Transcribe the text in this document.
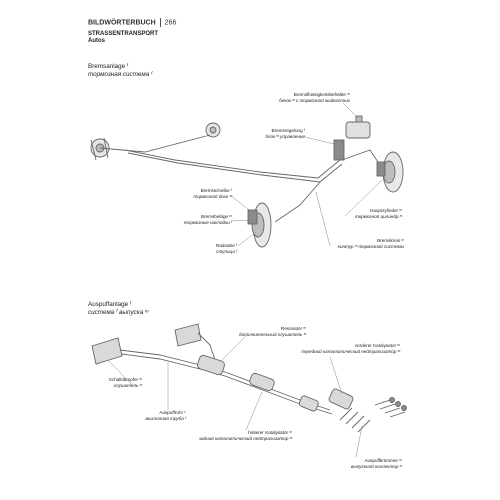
BILDWÖRTERBUCH 266
STRASSENTRANSPORT
Autos
Bremsanlage ᶠ
тормозная система ᶠ
Bremsflüssigkeitsbehälter ᵐ
бачок ᵐ с тормозной жидкостью
Bremsregelung ᶠ
блок ᵐ управление
Bremsscheibe ᶠ
тормозной диск ᵐ
Bremsbeläge ᵐ
тормозные накладки ᶠ
Radnabe ᶠ
ступица ᶠ
Hauptzylinder ᵐ
тормозной цилиндр ᵐ
Bremskreis ᵐ
контур ᵐ тормозной системы
Auspuffanlage ᶠ
система ᶠ выпуска ᵐ
Resonator ᵐ
дополнительный глушитель ᵐ
vorderer Katalysator ᵐ
передний каталитический нейтрализатор ᵐ
Schalldämpfer ᵐ
глушитель ᵐ
Auspuffrohr ⁿ
выхлопная труба ᶠ
hinterer Katalysator ᵐ
задний каталитический нейтрализатор ᵐ
Auspuffkrümmer ᵐ
выпускной коллектор ᵐ
